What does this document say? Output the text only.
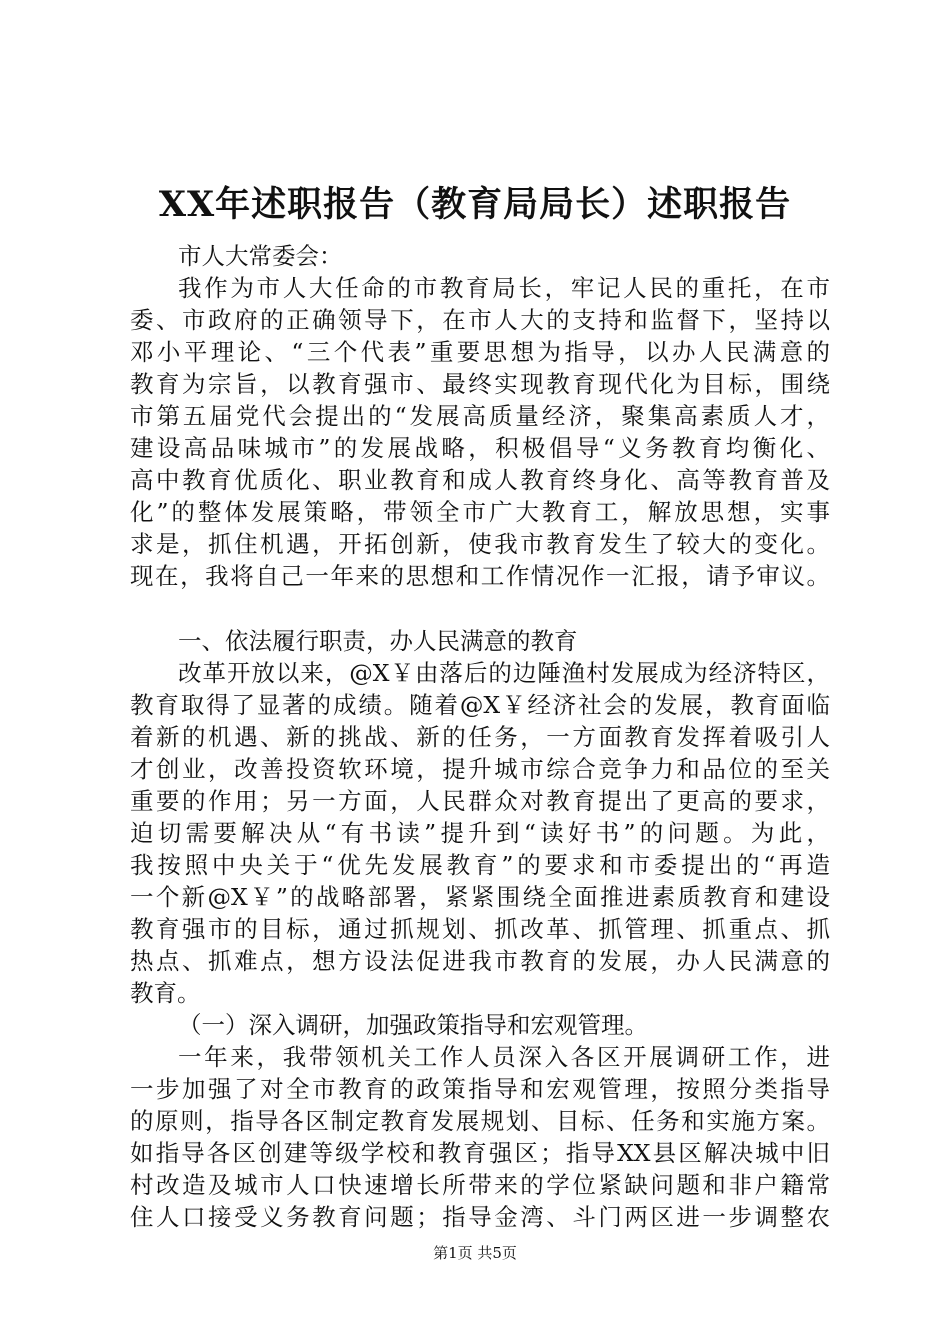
XX年述职报告（教育局局长）述职报告
市人大常委会：
我作为市人大任命的市教育局长，牢记人民的重托，在市
委、市政府的正确领导下，在市人大的支持和监督下，坚持以
邓小平理论、“三个代表”重要思想为指导，以办人民满意的
教育为宗旨，以教育强市、最终实现教育现代化为目标，围绕
市第五届党代会提出的“发展高质量经济，聚集高素质人才，
建设高品味城市”的发展战略，积极倡导“义务教育均衡化、
高中教育优质化、职业教育和成人教育终身化、高等教育普及
化”的整体发展策略，带领全市广大教育工，解放思想，实事
求是，抓住机遇，开拓创新，使我市教育发生了较大的变化。
现在，我将自己一年来的思想和工作情况作一汇报，请予审议。
一、依法履行职责，办人民满意的教育
改革开放以来，@X￥由落后的边陲渔村发展成为经济特区，
教育取得了显著的成绩。随着@X￥经济社会的发展，教育面临
着新的机遇、新的挑战、新的任务，一方面教育发挥着吸引人
才创业，改善投资软环境，提升城市综合竞争力和品位的至关
重要的作用；另一方面，人民群众对教育提出了更高的要求，
迫切需要解决从“有书读”提升到“读好书”的问题。为此，
我按照中央关于“优先发展教育”的要求和市委提出的“再造
一个新@X￥”的战略部署，紧紧围绕全面推进素质教育和建设
教育强市的目标，通过抓规划、抓改革、抓管理、抓重点、抓
热点、抓难点，想方设法促进我市教育的发展，办人民满意的
教育。
（一）深入调研，加强政策指导和宏观管理。
一年来，我带领机关工作人员深入各区开展调研工作，进
一步加强了对全市教育的政策指导和宏观管理，按照分类指导
的原则，指导各区制定教育发展规划、目标、任务和实施方案。
如指导各区创建等级学校和教育强区；指导XX县区解决城中旧
村改造及城市人口快速增长所带来的学位紧缺问题和非户籍常
住人口接受义务教育问题；指导金湾、斗门两区进一步调整农
第1页 共5页
